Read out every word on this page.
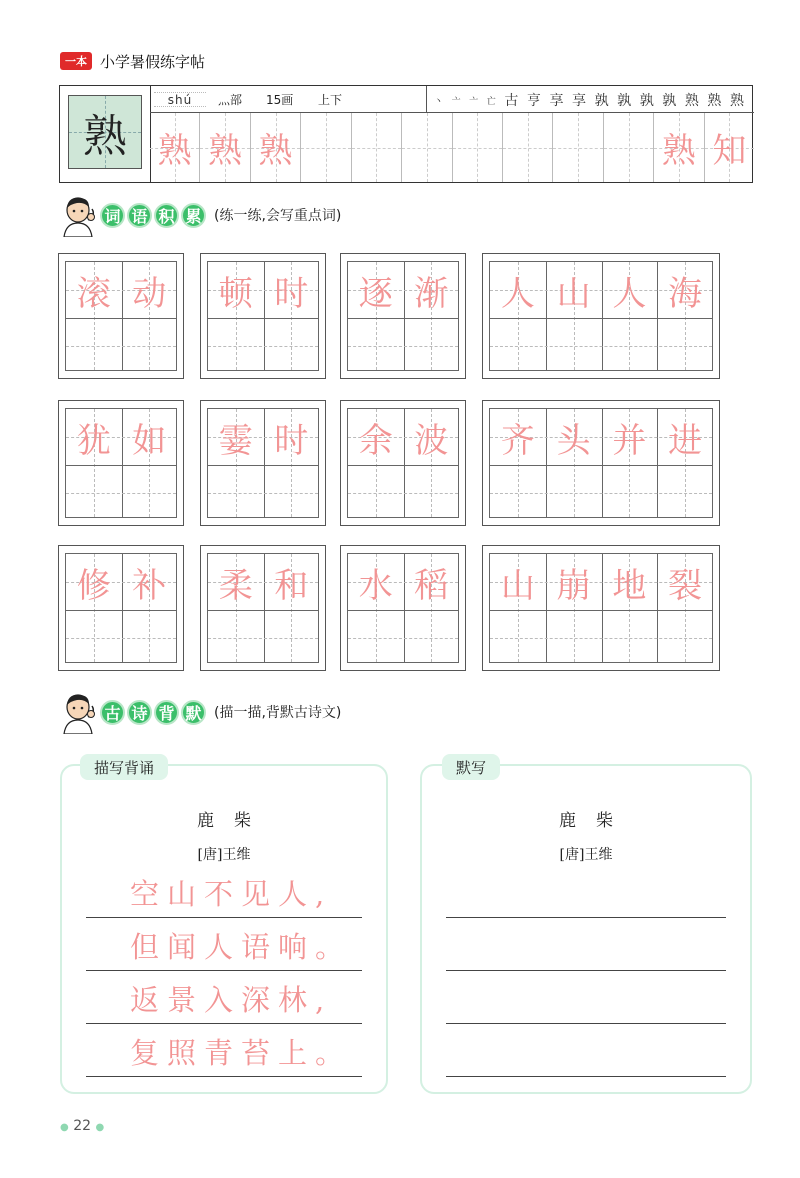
一本 小学暑假练字帖
熟
shú	灬部 15画 上下	丶 亠 亠 亡 古 亨 享 享 孰 孰 孰 孰 熟 熟 熟
熟 熟 熟	熟 知
词 语 积 累 (练一练,会写重点词)
滚 动	顿 时	逐 渐	人 山 人 海
犹 如	霎 时	余 波	齐 头 并 进
修 补	柔 和	水 稻	山 崩 地 裂
古 诗 背 默 (描一描,背默古诗文)
描写背诵
鹿柴
[唐]王维
空山不见人,
但闻人语响。
返景入深林,
复照青苔上。
默写
鹿柴
[唐]王维
● 22 ●
